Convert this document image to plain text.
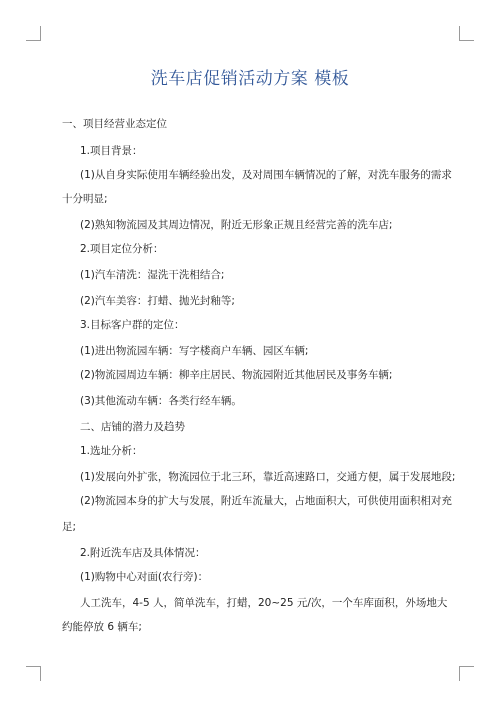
洗车店促销活动方案 模板
一、项目经营业态定位
1.项目背景：
(1)从自身实际使用车辆经验出发，及对周围车辆情况的了解，对洗车服务的需求
十分明显;
(2)熟知物流园及其周边情况，附近无形象正规且经营完善的洗车店;
2.项目定位分析：
(1)汽车清洗：湿洗干洗相结合;
(2)汽车美容：打蜡、抛光封釉等;
3.目标客户群的定位：
(1)进出物流园车辆：写字楼商户车辆、园区车辆;
(2)物流园周边车辆：柳辛庄居民、物流园附近其他居民及事务车辆;
(3)其他流动车辆：各类行经车辆。
二、店铺的潜力及趋势
1.选址分析：
(1)发展向外扩张，物流园位于北三环，靠近高速路口，交通方便，属于发展地段;
(2)物流园本身的扩大与发展，附近车流量大，占地面积大，可供使用面积相对充
足;
2.附近洗车店及具体情况：
(1)购物中心对面(农行旁)：
人工洗车，4-5 人，简单洗车，打蜡，20~25 元/次，一个车库面积，外场地大
约能停放 6 辆车;
